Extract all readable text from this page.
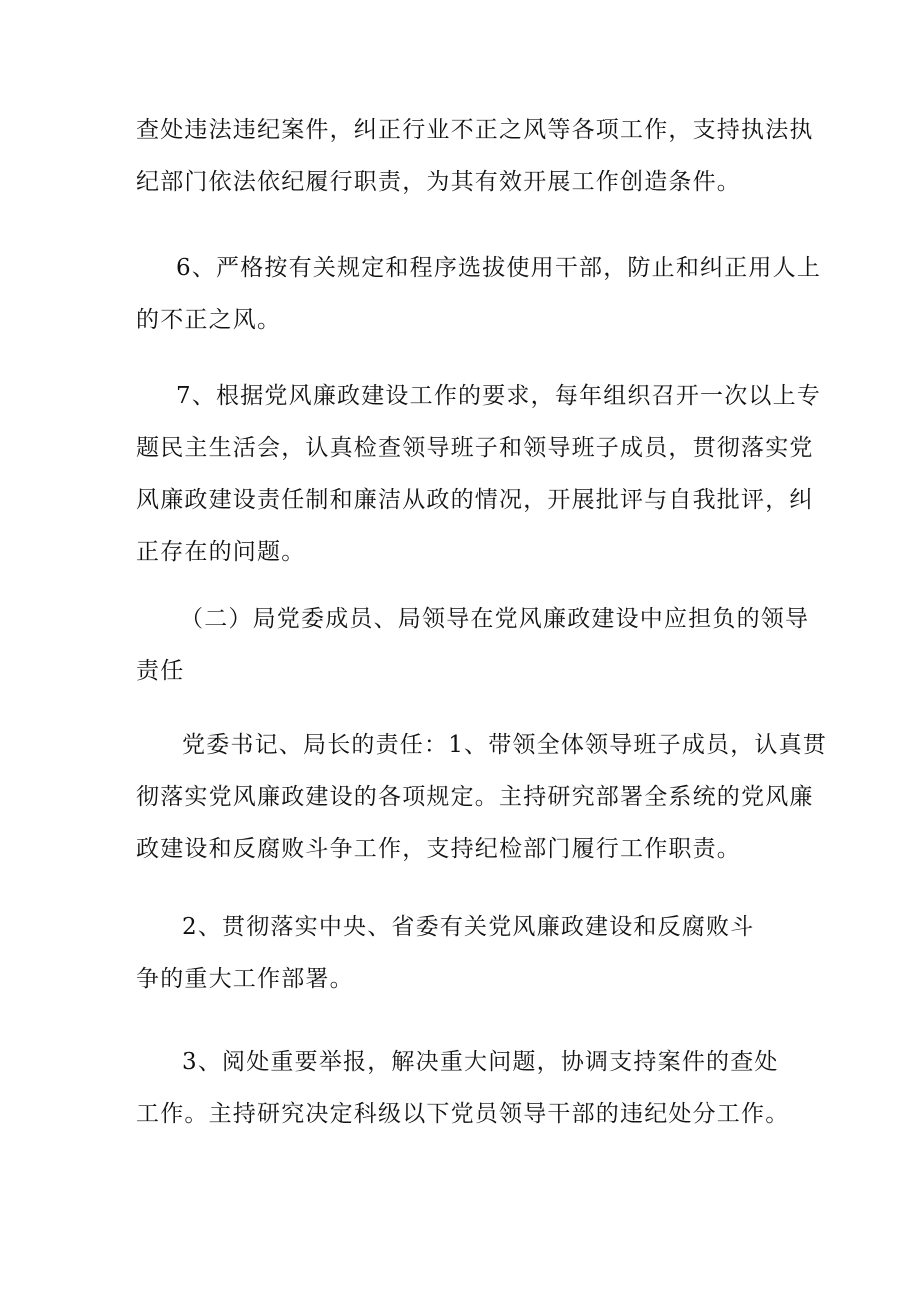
查处违法违纪案件，纠正行业不正之风等各项工作，支持执法执
纪部门依法依纪履行职责，为其有效开展工作创造条件。

6、严格按有关规定和程序选拔使用干部，防止和纠正用人上
的不正之风。

7、根据党风廉政建设工作的要求，每年组织召开一次以上专
题民主生活会，认真检查领导班子和领导班子成员，贯彻落实党
风廉政建设责任制和廉洁从政的情况，开展批评与自我批评，纠
正存在的问题。

（二）局党委成员、局领导在党风廉政建设中应担负的领导
责任

党委书记、局长的责任：1、带领全体领导班子成员，认真贯
彻落实党风廉政建设的各项规定。主持研究部署全系统的党风廉
政建设和反腐败斗争工作，支持纪检部门履行工作职责。

2、贯彻落实中央、省委有关党风廉政建设和反腐败斗
争的重大工作部署。

3、阅处重要举报，解决重大问题，协调支持案件的查处
工作。主持研究决定科级以下党员领导干部的违纪处分工作。
